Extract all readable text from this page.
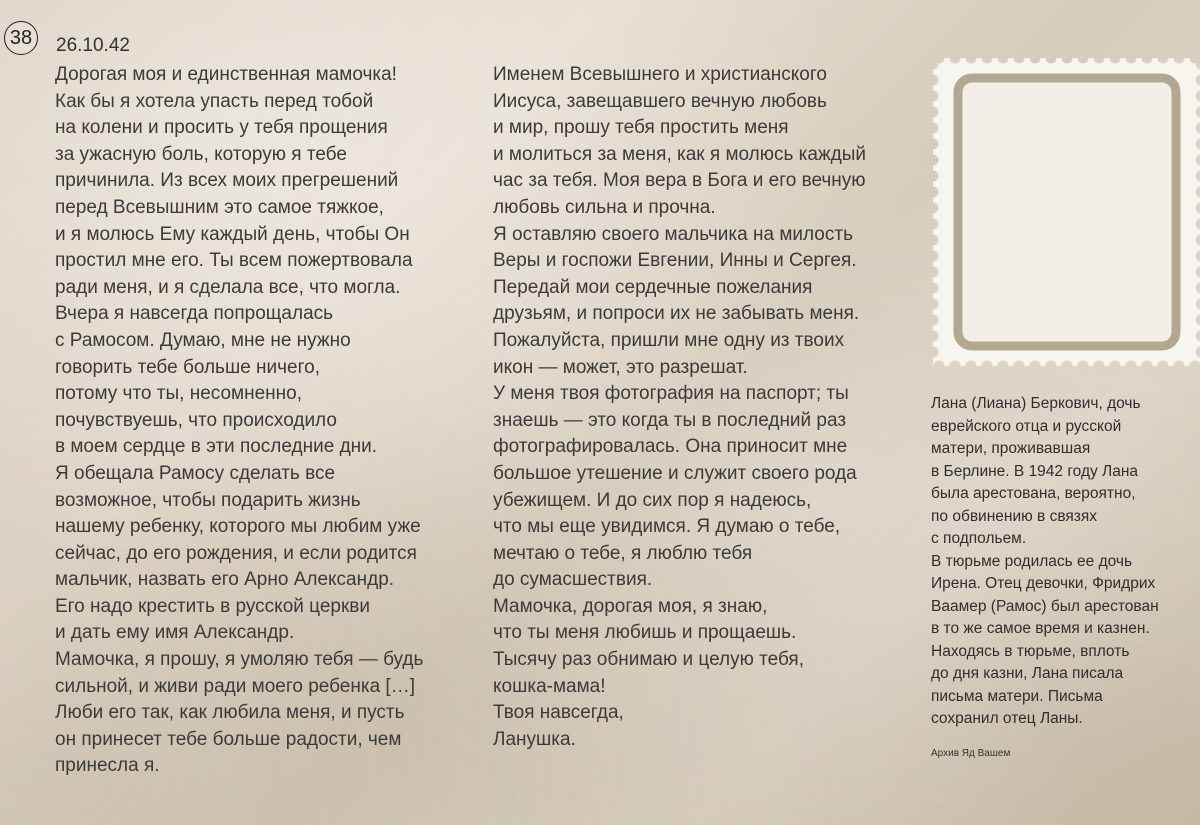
38	26.10.42
Дорогая моя и единственная мамочка!
Как бы я хотела упасть перед тобой
на колени и просить у тебя прощения
за ужасную боль, которую я тебе
причинила. Из всех моих прегрешений
перед Всевышним это самое тяжкое,
и я молюсь Ему каждый день, чтобы Он
простил мне его. Ты всем пожертвовала
ради меня, и я сделала все, что могла.
Вчера я навсегда попрощалась
с Рамосом. Думаю, мне не нужно
говорить тебе больше ничего,
потому что ты, несомненно,
почувствуешь, что происходило
в моем сердце в эти последние дни.
Я обещала Рамосу сделать все
возможное, чтобы подарить жизнь
нашему ребенку, которого мы любим уже
сейчас, до его рождения, и если родится
мальчик, назвать его Арно Александр.
Его надо крестить в русской церкви
и дать ему имя Александр.
Мамочка, я прошу, я умоляю тебя — будь
сильной, и живи ради моего ребенка […]
Люби его так, как любила меня, и пусть
он принесет тебе больше радости, чем
принесла я.
Именем Всевышнего и христианского
Иисуса, завещавшего вечную любовь
и мир, прошу тебя простить меня
и молиться за меня, как я молюсь каждый
час за тебя. Моя вера в Бога и его вечную
любовь сильна и прочна.
Я оставляю своего мальчика на милость
Веры и госпожи Евгении, Инны и Сергея.
Передай мои сердечные пожелания
друзьям, и попроси их не забывать меня.
Пожалуйста, пришли мне одну из твоих
икон — может, это разрешат.
У меня твоя фотография на паспорт; ты
знаешь — это когда ты в последний раз
фотографировалась. Она приносит мне
большое утешение и служит своего рода
убежищем. И до сих пор я надеюсь,
что мы еще увидимся. Я думаю о тебе,
мечтаю о тебе, я люблю тебя
до сумасшествия.
Мамочка, дорогая моя, я знаю,
что ты меня любишь и прощаешь.
Тысячу раз обнимаю и целую тебя,
кошка-мама!
Твоя навсегда,
Ланушка.
Лана (Лиана) Беркович, дочь
еврейского отца и русской
матери, проживавшая
в Берлине. В 1942 году Лана
была арестована, вероятно,
по обвинению в связях
с подпольем.
В тюрьме родилась ее дочь
Ирена. Отец девочки, Фридрих
Ваамер (Рамос) был арестован
в то же самое время и казнен.
Находясь в тюрьме, вплоть
до дня казни, Лана писала
письма матери. Письма
сохранил отец Ланы.
Архив Яд Вашем
